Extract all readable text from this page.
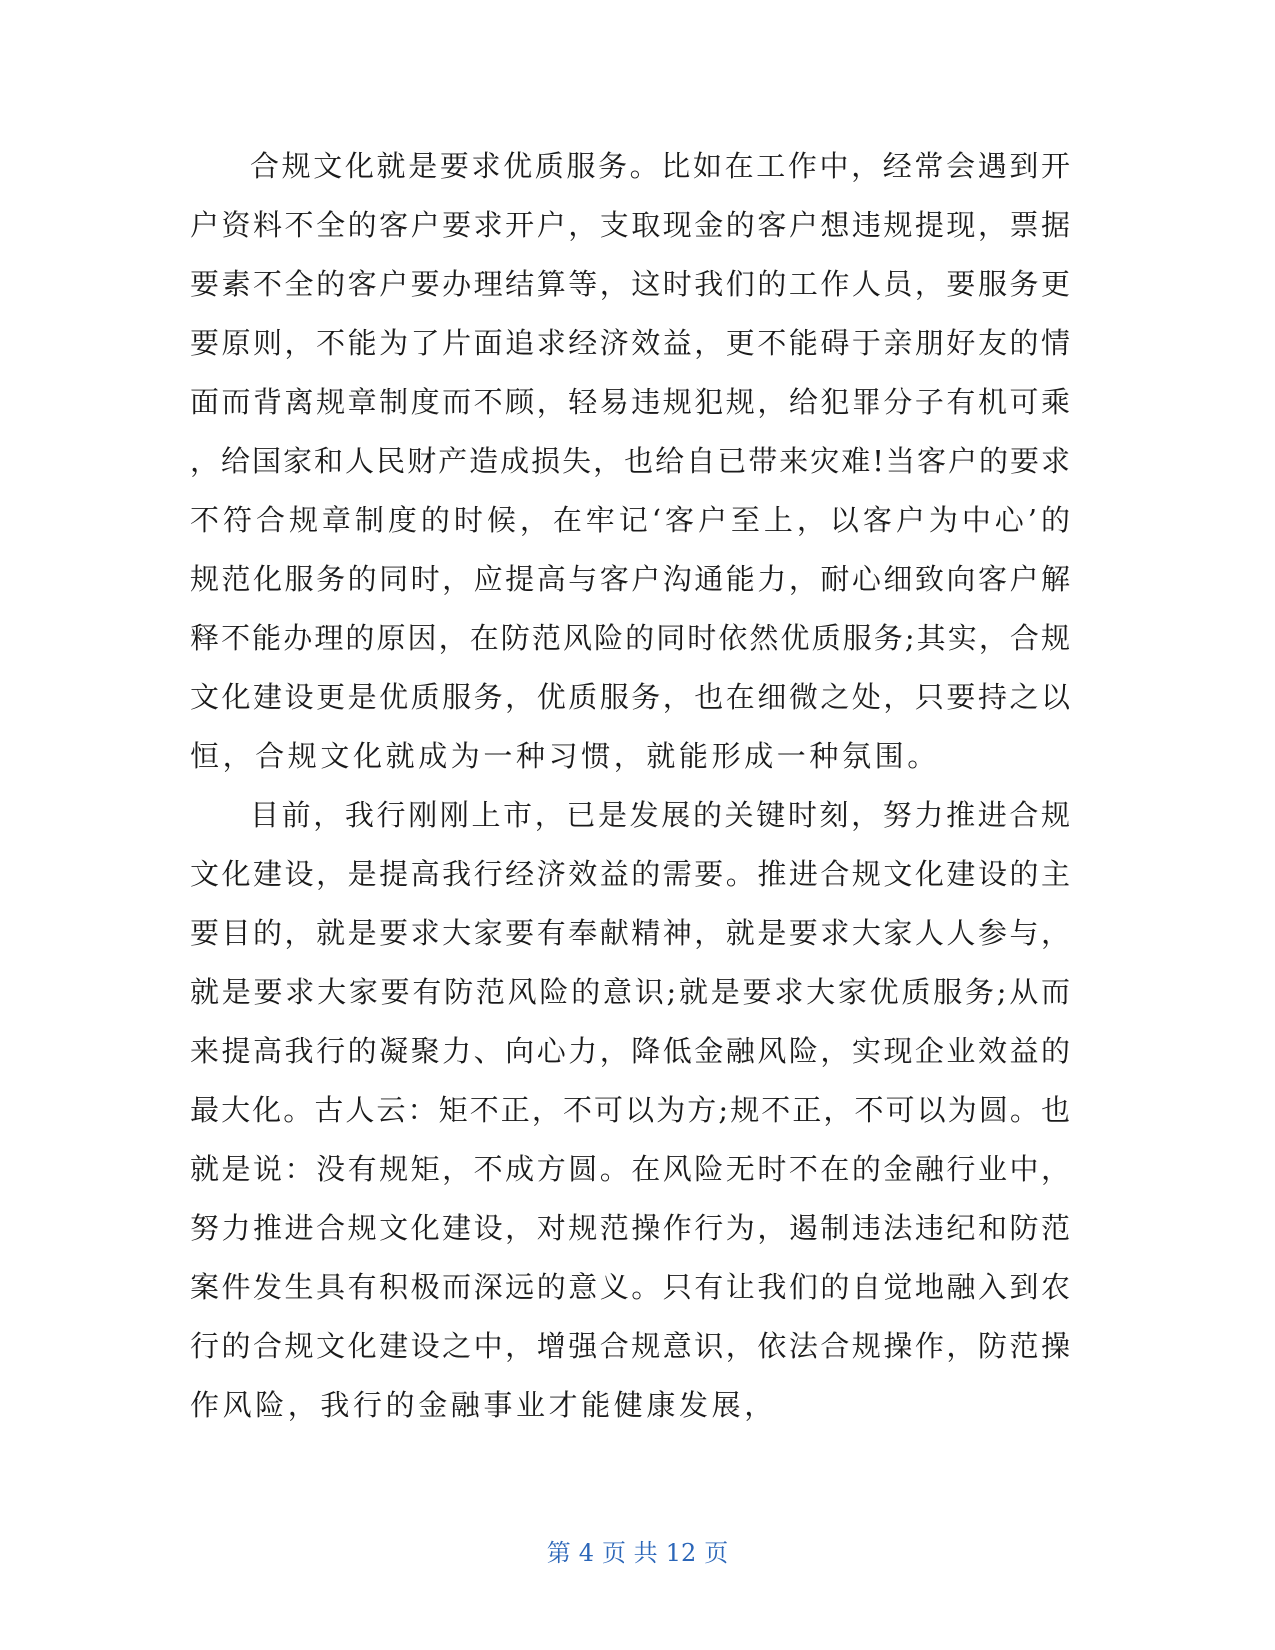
合规文化就是要求优质服务。比如在工作中，经常会遇到开
户资料不全的客户要求开户，支取现金的客户想违规提现，票据
要素不全的客户要办理结算等，这时我们的工作人员，要服务更
要原则，不能为了片面追求经济效益，更不能碍于亲朋好友的情
面而背离规章制度而不顾，轻易违规犯规，给犯罪分子有机可乘
，给国家和人民财产造成损失，也给自已带来灾难!当客户的要求
不符合规章制度的时候，在牢记‘客户至上，以客户为中心’的
规范化服务的同时，应提高与客户沟通能力，耐心细致向客户解
释不能办理的原因，在防范风险的同时依然优质服务;其实，合规
文化建设更是优质服务，优质服务，也在细微之处，只要持之以
恒，合规文化就成为一种习惯，就能形成一种氛围。
目前，我行刚刚上市，已是发展的关键时刻，努力推进合规
文化建设，是提高我行经济效益的需要。推进合规文化建设的主
要目的，就是要求大家要有奉献精神，就是要求大家人人参与，
就是要求大家要有防范风险的意识;就是要求大家优质服务;从而
来提高我行的凝聚力、向心力，降低金融风险，实现企业效益的
最大化。古人云：矩不正，不可以为方;规不正，不可以为圆。也
就是说：没有规矩，不成方圆。在风险无时不在的金融行业中，
努力推进合规文化建设，对规范操作行为，遏制违法违纪和防范
案件发生具有积极而深远的意义。只有让我们的自觉地融入到农
行的合规文化建设之中，增强合规意识，依法合规操作，防范操
作风险，我行的金融事业才能健康发展，
第 4 页 共 12 页
